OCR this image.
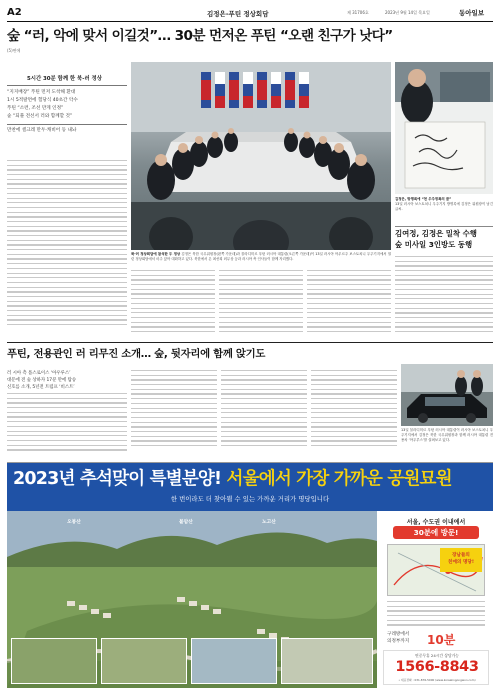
A2	김정은-푸틴 정상회담	제 31706호	2023년 9월 14일 목요일	동아일보
숲 “러, 악에 맞서 이길것”… 30분 먼저온 푸틴 “오랜 친구가 낫다”
(5)면에
5시간 30분 함께 한 북-러 정상
“지지배장” 푸틴 먼저 도착해 환대
1시 5적랄면에 험당식 40초간 악수
푸틴 “소련, 조선 만게 인정”
숲 “되풀 전선서 러와 함께할 것”
만찬에 셀크레 만두·캐비어 등 내놔
북-러 정상회담에 참석한 두 정상 김정은 북한 국무위원장(왼쪽 가운데)과 블라디미르 푸틴 러시아 대통령(오른쪽 가운데)이 13일 러시아 아무르주 보스토치니 우주기지에서 열린 정상회담에서 마주 앉아 대화하고 있다. 북한에서 온 최선희 외무상 등과 러시아 측 인사들이 함께 자리했다.
김정은, 방명록에 “천 우주정복의 꿈”
13일 러시아 보스토치니 우주기지 방명록에 김정은 위원장이 남긴 글씨.
김여정, 김정은 밀착 수행
숲 미사일 3인방도 동행
푸틴, 전용관인 러 리무진 소개… 숲, 뒷자리에 함께 앉기도
러 시아 측 틀스로이스 ‘아우루스’
대문에 전 숲 상하자 17분 만에 탑승
신호를 소개, 5년전 트럼프 ‘비스트’
13일 블라디미르 푸틴 러시아 대통령이 러시아 보스토치니 우주기지에서 김정은 북한 국무위원장과 함께 러시아 대통령 전용차 ‘아우루스’를 살펴보고 있다.
2023년 추석맞이 특별분양! 서울에서 가장 가까운 공원묘원
한 번이라도 더 찾아뵐 수 있는 가까운 거리가 명당입니다
오봉산	불암산	노고산	서울, 수도권 이내에서
30분에 방문!
장남들의
친애의 명당!
구레방에서
의정부까지 10분
연중무휴 24시간 상담가능
1566-8843
• 대표전화 : 031-876-5000 (www.korealingongwon.com)
